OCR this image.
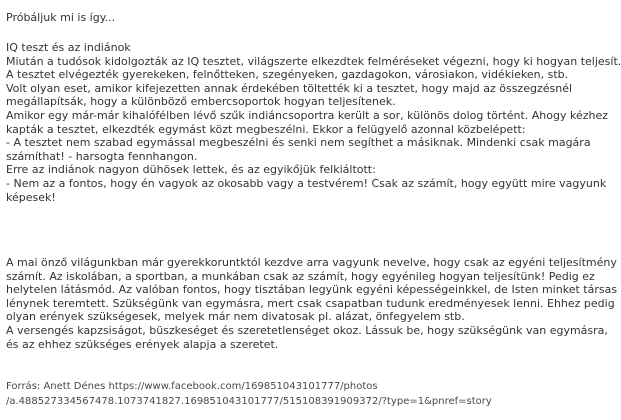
Próbáljuk mi is így...
IQ teszt és az indiánok
Miután a tudósok kidolgozták az IQ tesztet, világszerte elkezdtek felméréseket végezni, hogy ki hogyan teljesít.
A tesztet elvégezték gyerekeken, felnőtteken, szegényeken, gazdagokon, városiakon, vidékieken, stb.
Volt olyan eset, amikor kifejezetten annak érdekében töltették ki a tesztet, hogy majd az összegzésnél
megállapítsák, hogy a különböző embercsoportok hogyan teljesítenek.
Amikor egy már-már kihalófélben lévő szűk indiáncsoportra került a sor, különös dolog történt. Ahogy kézhez
kapták a tesztet, elkezdték egymást közt megbeszélni. Ekkor a felügyelő azonnal közbelépett:
- A tesztet nem szabad egymással megbeszélni és senki nem segíthet a másiknak. Mindenki csak magára
számíthat! - harsogta fennhangon.
Erre az indiánok nagyon dühösek lettek, és az egyikőjük felkiáltott:
- Nem az a fontos, hogy én vagyok az okosabb vagy a testvérem! Csak az számít, hogy együtt mire vagyunk
képesek!
A mai önző világunkban már gyerekkoruntktól kezdve arra vagyunk nevelve, hogy csak az egyéni teljesítmény
számít. Az iskolában, a sportban, a munkában csak az számít, hogy egyénileg hogyan teljesítünk! Pedig ez
helytelen látásmód. Az valóban fontos, hogy tisztában legyünk egyéni képességeinkkel, de Isten minket társas
lénynek teremtett. Szükségünk van egymásra, mert csak csapatban tudunk eredményesek lenni. Ehhez pedig
olyan erények szükségesek, melyek már nem divatosak pl. alázat, önfegyelem stb.
A versengés kapzsiságot, büszkeséget és szeretetlenséget okoz. Lássuk be, hogy szükségünk van egymásra,
és az ehhez szükséges erények alapja a szeretet.
Forrás: Anett Dénes https://www.facebook.com/169851043101777/photos
/a.488527334567478.1073741827.169851043101777/515108391909372/?type=1&pnref=story
